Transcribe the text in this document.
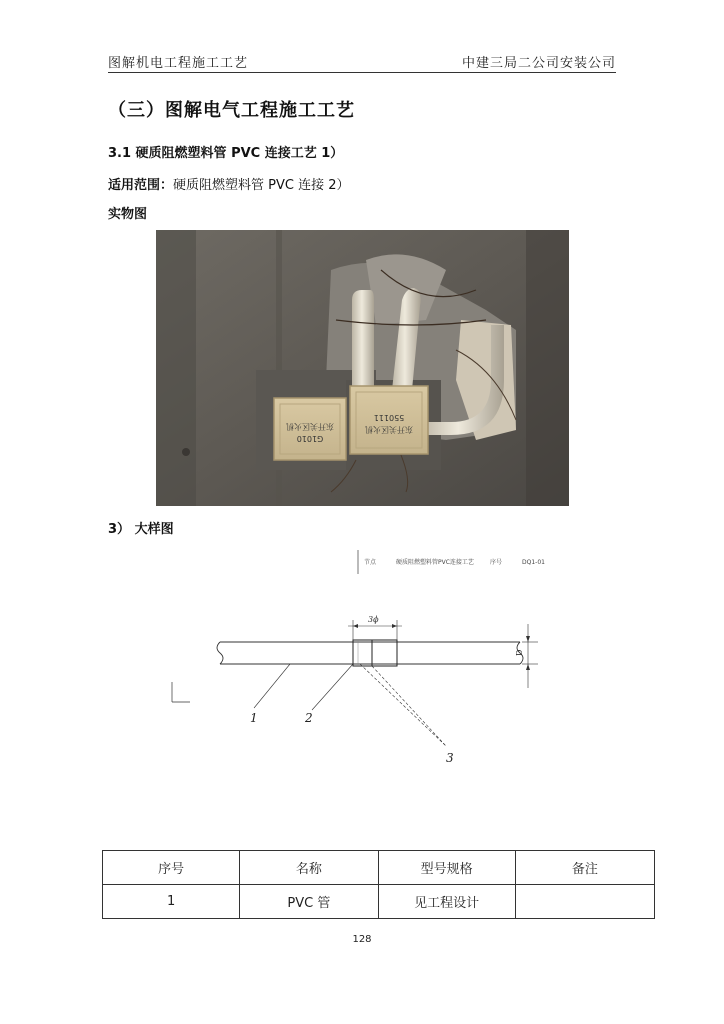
图解机电工程施工工艺	中建三局二公司安装公司
（三）图解电气工程施工工艺
3.1 硬质阻燃塑料管 PVC 连接工艺 1）
适用范围：硬质阻燃塑料管 PVC 连接 2）
实物图
东开关区火机
G1010
550111
东开关区火机
3） 大样图
节点	硬质阻燃塑料管PVC连接工艺	序号	DQ1-01
3ϕ
D
1	2
3
序号	名称	型号规格	备注
1	PVC 管	见工程设计	
128
